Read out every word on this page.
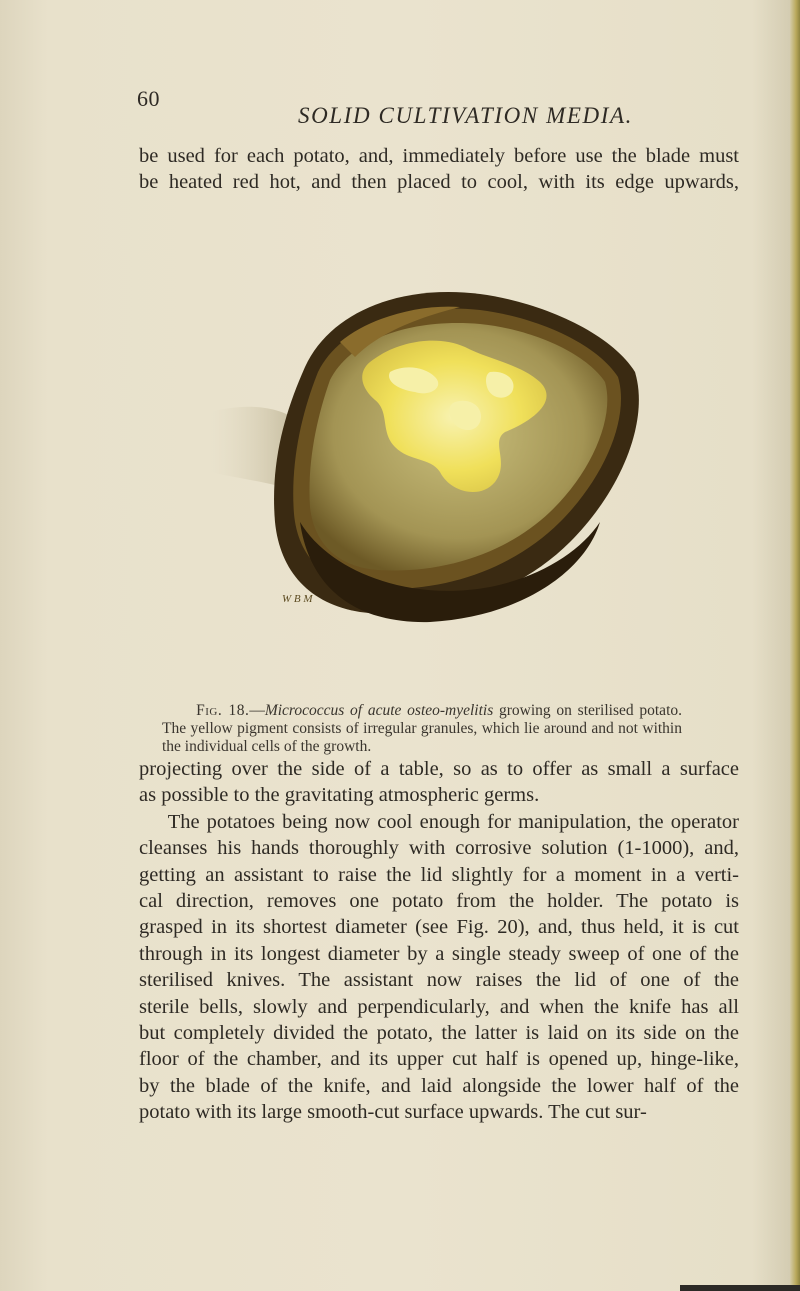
60
SOLID CULTIVATION MEDIA.

be used for each potato, and, immediately before use the blade must

be heated red hot, and then placed to cool, with its edge upwards,

W B M
Fig. 18.—Micrococcus of acute osteo-myelitis growing on sterilised potato. The yellow pigment consists of irregular granules, which lie around and not within the individual cells of the growth.

projecting over the side of a table, so as to offer as small a surface

as possible to the gravitating atmospheric germs.

The potatoes being now cool enough for manipulation, the operator

cleanses his hands thoroughly with corrosive solution (1-1000), and,

getting an assistant to raise the lid slightly for a moment in a verti-

cal direction, removes one potato from the holder. The potato is

grasped in its shortest diameter (see Fig. 20), and, thus held, it is cut

through in its longest diameter by a single steady sweep of one of the

sterilised knives. The assistant now raises the lid of one of the

sterile bells, slowly and perpendicularly, and when the knife has all

but completely divided the potato, the latter is laid on its side on the

floor of the chamber, and its upper cut half is opened up, hinge-like,

by the blade of the knife, and laid alongside the lower half of the

potato with its large smooth-cut surface upwards. The cut sur-
